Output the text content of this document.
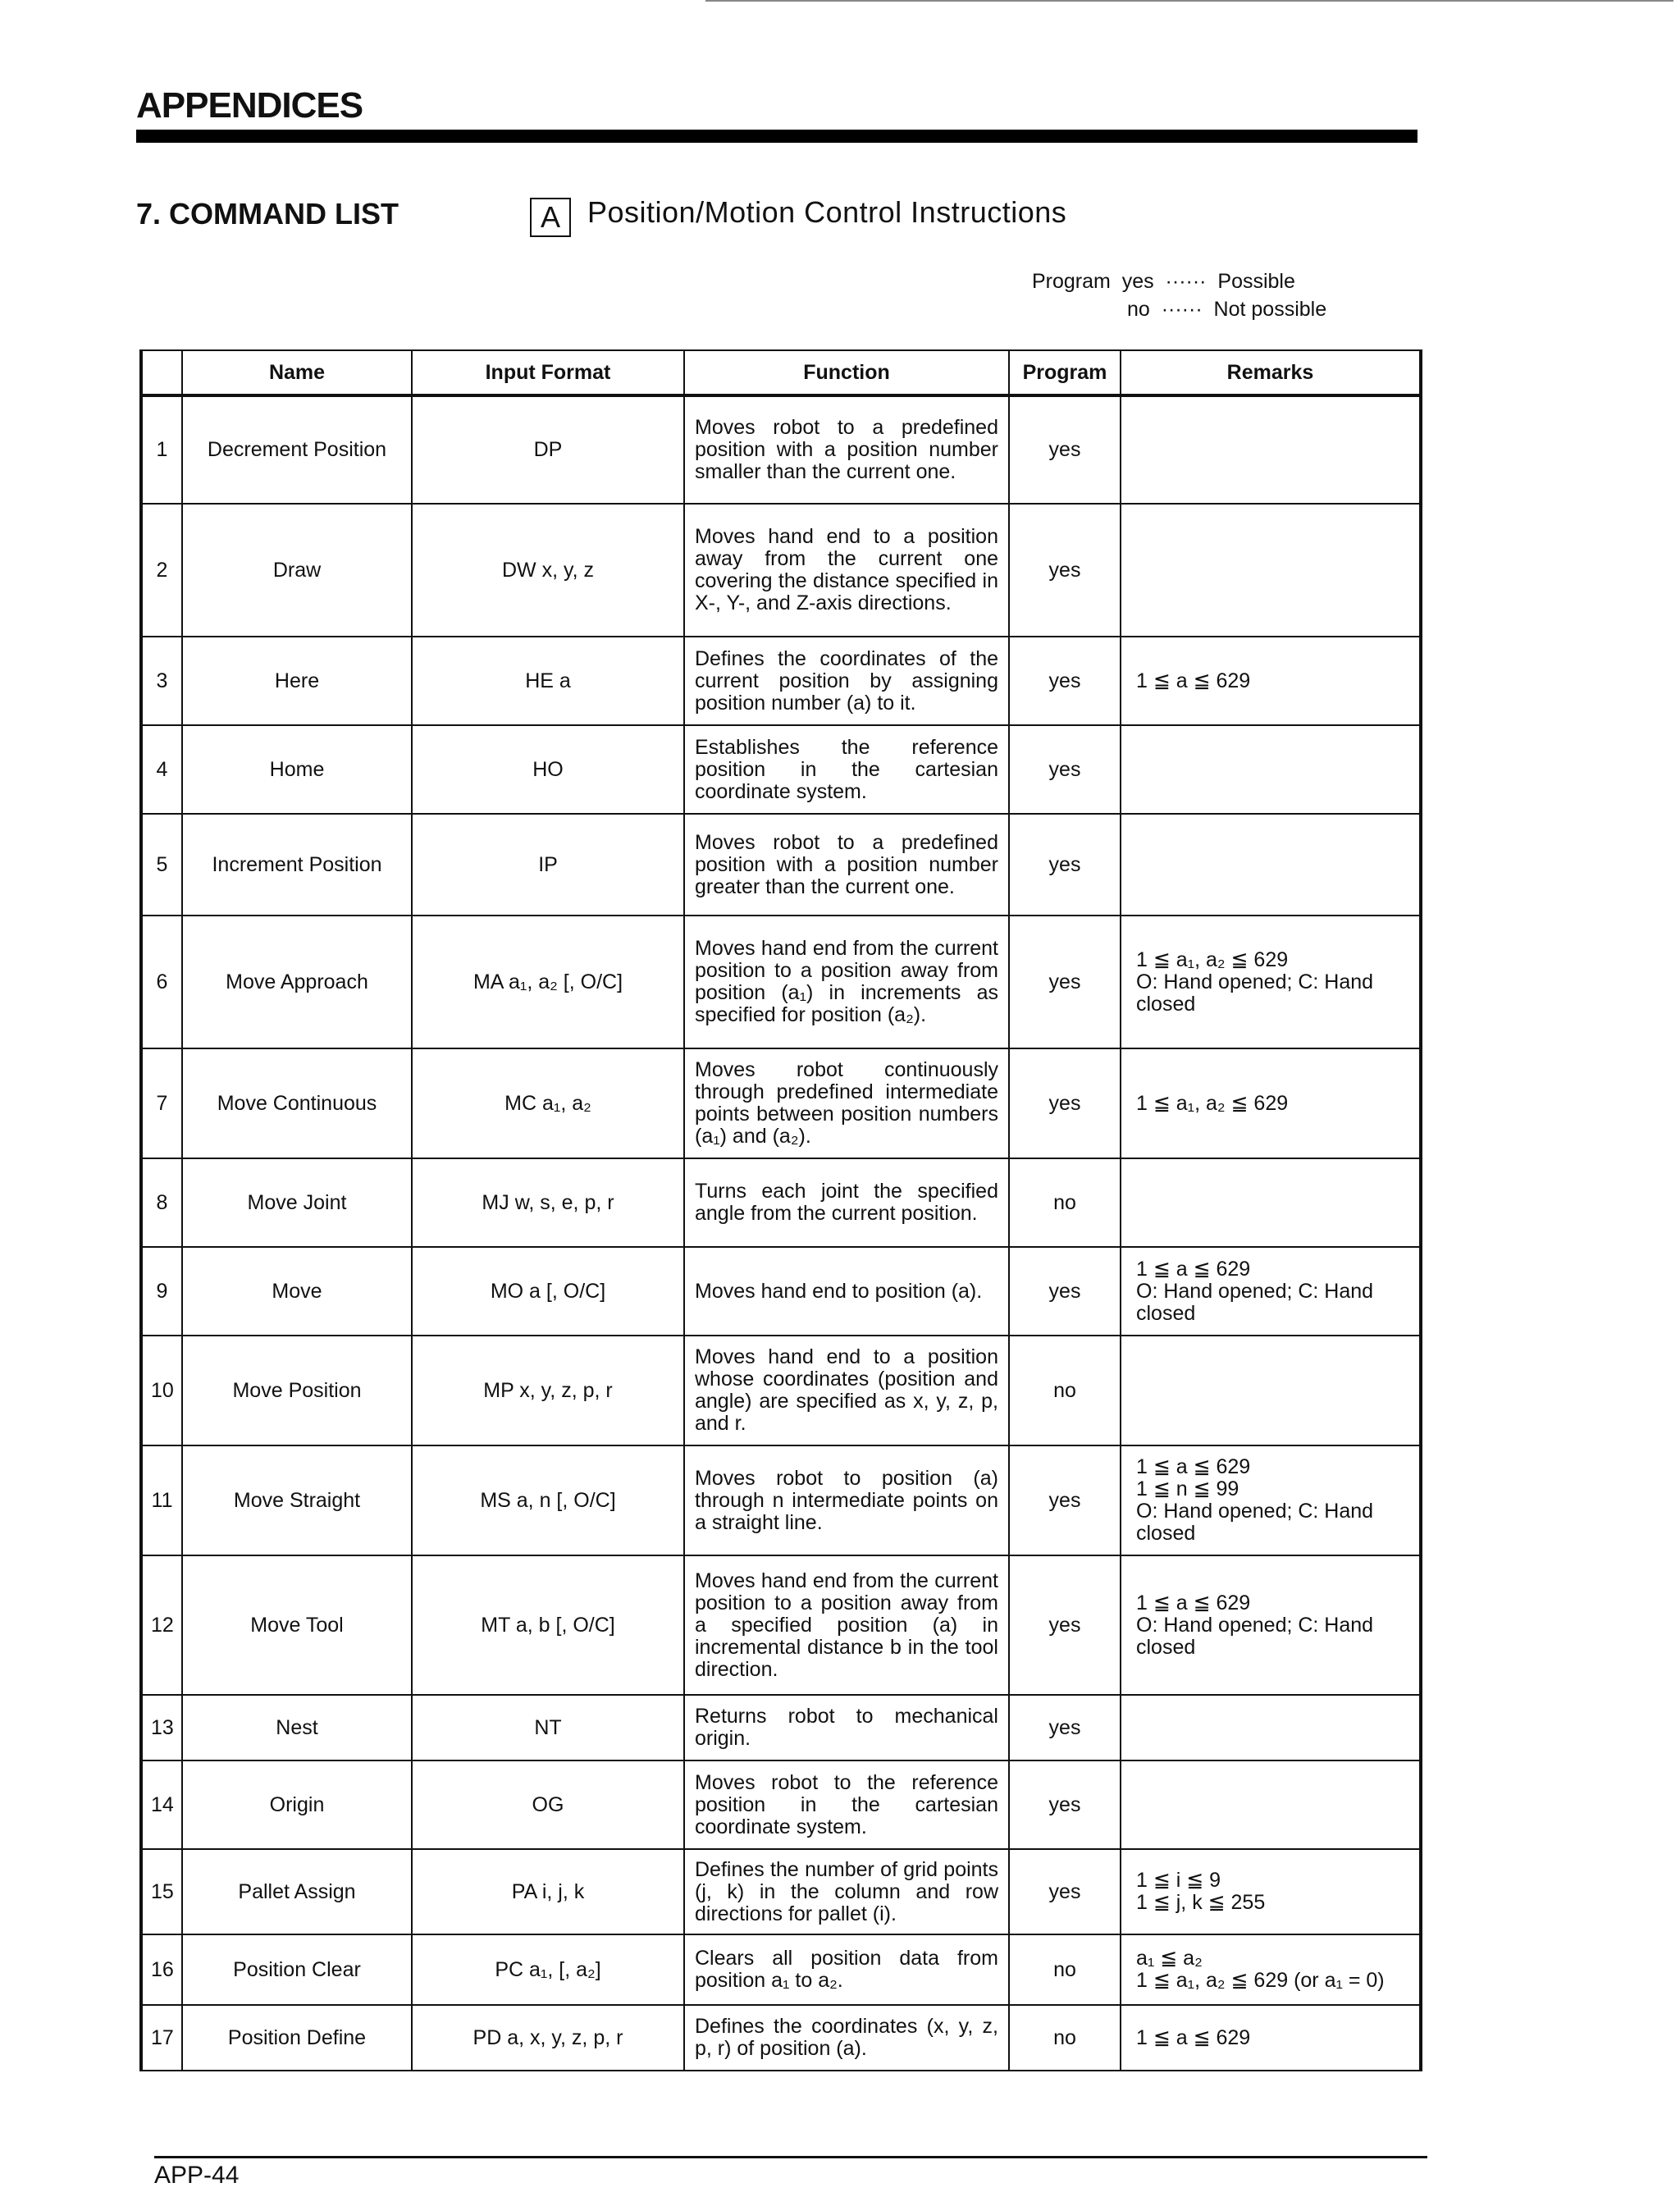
APPENDICES
7. COMMAND LIST	A Position/Motion Control Instructions
Program  yes  ······  Possible
no  ······  Not possible
	Name	Input Format	Function	Program	Remarks
1	Decrement Position	DP	Moves robot to a predefined position with a position number smaller than the current one.	yes	
2	Draw	DW x, y, z	Moves hand end to a position away from the current one covering the distance specified in X-, Y-, and Z-axis directions.	yes	
3	Here	HE a	Defines the coordinates of the current position by assigning position number (a) to it.	yes	1 ≦ a ≦ 629
4	Home	HO	Establishes the reference position in the cartesian coordinate system.	yes	
5	Increment Position	IP	Moves robot to a predefined position with a position number greater than the current one.	yes	
6	Move Approach	MA a₁, a₂ [, O/C]	Moves hand end from the current position to a position away from position (a₁) in increments as specified for position (a₂).	yes	1 ≦ a₁, a₂ ≦ 629
O: Hand opened; C: Hand closed
7	Move Continuous	MC a₁, a₂	Moves robot continuously through predefined intermediate points between position numbers (a₁) and (a₂).	yes	1 ≦ a₁, a₂ ≦ 629
8	Move Joint	MJ w, s, e, p, r	Turns each joint the specified angle from the current position.	no	
9	Move	MO a [, O/C]	Moves hand end to position (a).	yes	1 ≦ a ≦ 629
O: Hand opened; C: Hand closed
10	Move Position	MP x, y, z, p, r	Moves hand end to a position whose coordinates (position and angle) are specified as x, y, z, p, and r.	no	
11	Move Straight	MS a, n [, O/C]	Moves robot to position (a) through n intermediate points on a straight line.	yes	1 ≦ a ≦ 629
1 ≦ n ≦ 99
O: Hand opened; C: Hand closed
12	Move Tool	MT a, b [, O/C]	Moves hand end from the current position to a position away from a specified position (a) in incremental distance b in the tool direction.	yes	1 ≦ a ≦ 629
O: Hand opened; C: Hand closed
13	Nest	NT	Returns robot to mechanical origin.	yes	
14	Origin	OG	Moves robot to the reference position in the cartesian coordinate system.	yes	
15	Pallet Assign	PA i, j, k	Defines the number of grid points (j, k) in the column and row directions for pallet (i).	yes	1 ≦ i ≦ 9
1 ≦ j, k ≦ 255
16	Position Clear	PC a₁, [, a₂]	Clears all position data from position a₁ to a₂.	no	a₁ ≦ a₂
1 ≦ a₁, a₂ ≦ 629 (or a₁ = 0)
17	Position Define	PD a, x, y, z, p, r	Defines the coordinates (x, y, z, p, r) of position (a).	no	1 ≦ a ≦ 629
APP-44
